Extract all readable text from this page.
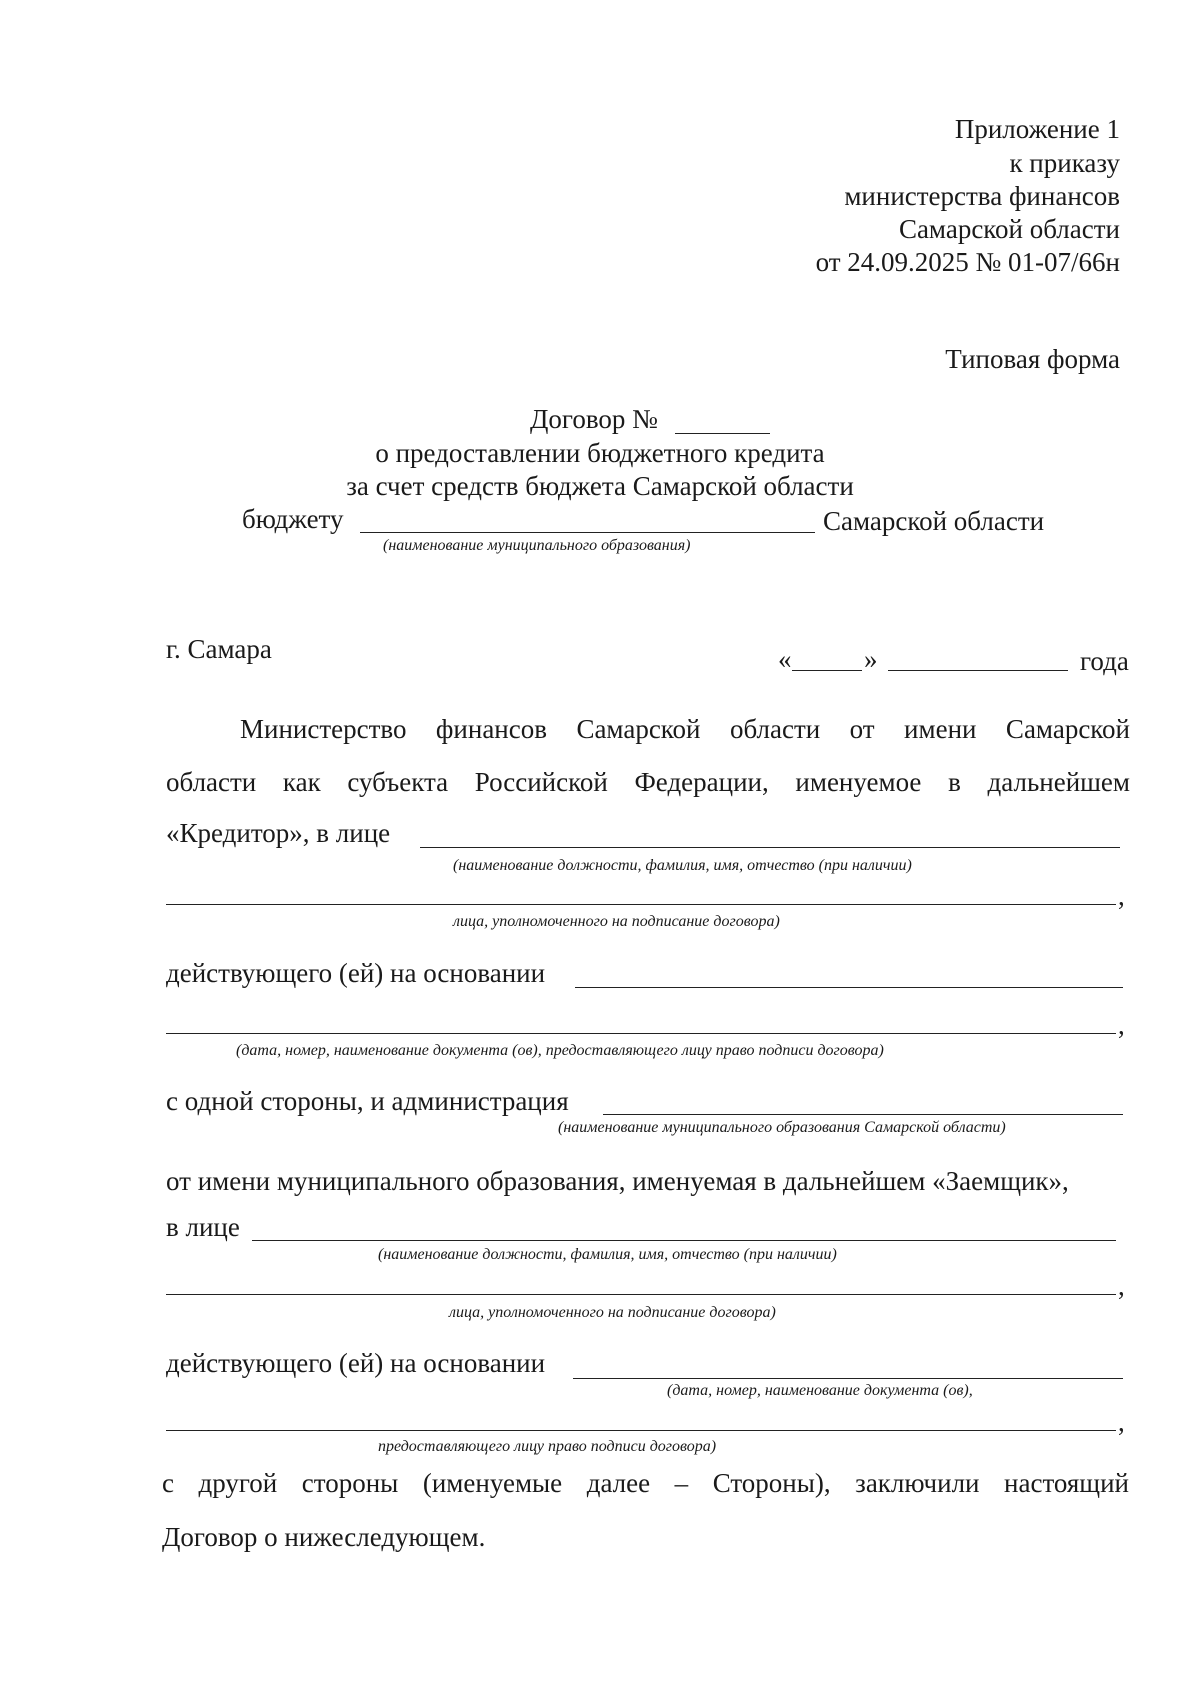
Приложение 1
к приказу
министерства финансов
Самарской области
от 24.09.2025 № 01-07/66н
Типовая форма
Договор №
о предоставлении бюджетного кредита
за счет средств бюджета Самарской области
бюджету	Самарской области
(наименование муниципального образования)
г. Самара	«	»	года
Министерство финансов Самарской области от имени Самарской
области как субъекта Российской Федерации, именуемое в дальнейшем
«Кредитор», в лице
(наименование должности, фамилия, имя, отчество (при наличии)
,
лица, уполномоченного на подписание договора)
действующего (ей) на основании
,
(дата, номер, наименование документа (ов), предоставляющего лицу право подписи договора)
с одной стороны, и администрация
(наименование муниципального образования Самарской области)
от имени муниципального образования, именуемая в дальнейшем «Заемщик»,
в лице
(наименование должности, фамилия, имя, отчество (при наличии)
,
лица, уполномоченного на подписание договора)
действующего (ей) на основании
(дата, номер, наименование документа (ов),
,
предоставляющего лицу право подписи договора)
с другой стороны (именуемые далее – Стороны), заключили настоящий
Договор о нижеследующем.
